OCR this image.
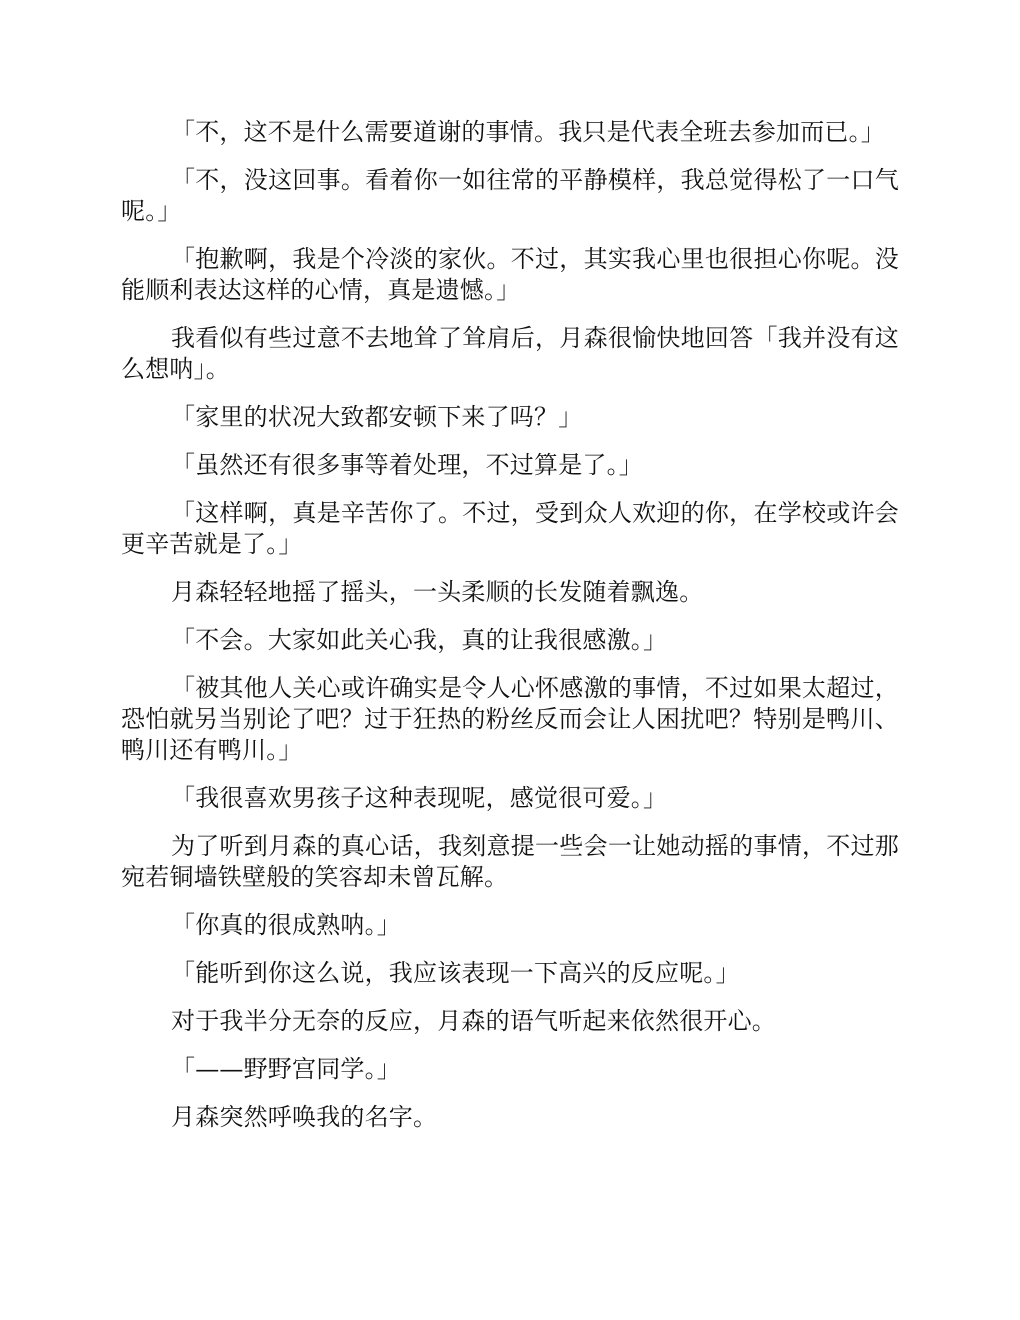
「不，这不是什么需要道谢的事情。我只是代表全班去参加而已。」

「不，没这回事。看着你一如往常的平静模样，我总觉得松了一口气呢。」

「抱歉啊，我是个冷淡的家伙。不过，其实我心里也很担心你呢。没能顺利表达这样的心情，真是遗憾。」

我看似有些过意不去地耸了耸肩后，月森很愉快地回答「我并没有这么想呐」。

「家里的状况大致都安顿下来了吗？」

「虽然还有很多事等着处理，不过算是了。」

「这样啊，真是辛苦你了。不过，受到众人欢迎的你，在学校或许会更辛苦就是了。」

月森轻轻地摇了摇头，一头柔顺的长发随着飘逸。

「不会。大家如此关心我，真的让我很感激。」

「被其他人关心或许确实是令人心怀感激的事情，不过如果太超过，恐怕就另当别论了吧？过于狂热的粉丝反而会让人困扰吧？特别是鸭川、鸭川还有鸭川。」

「我很喜欢男孩子这种表现呢，感觉很可爱。」

为了听到月森的真心话，我刻意提一些会一让她动摇的事情，不过那宛若铜墙铁壁般的笑容却未曾瓦解。

「你真的很成熟呐。」

「能听到你这么说，我应该表现一下高兴的反应呢。」

对于我半分无奈的反应，月森的语气听起来依然很开心。

「——野野宫同学。」

月森突然呼唤我的名字。
